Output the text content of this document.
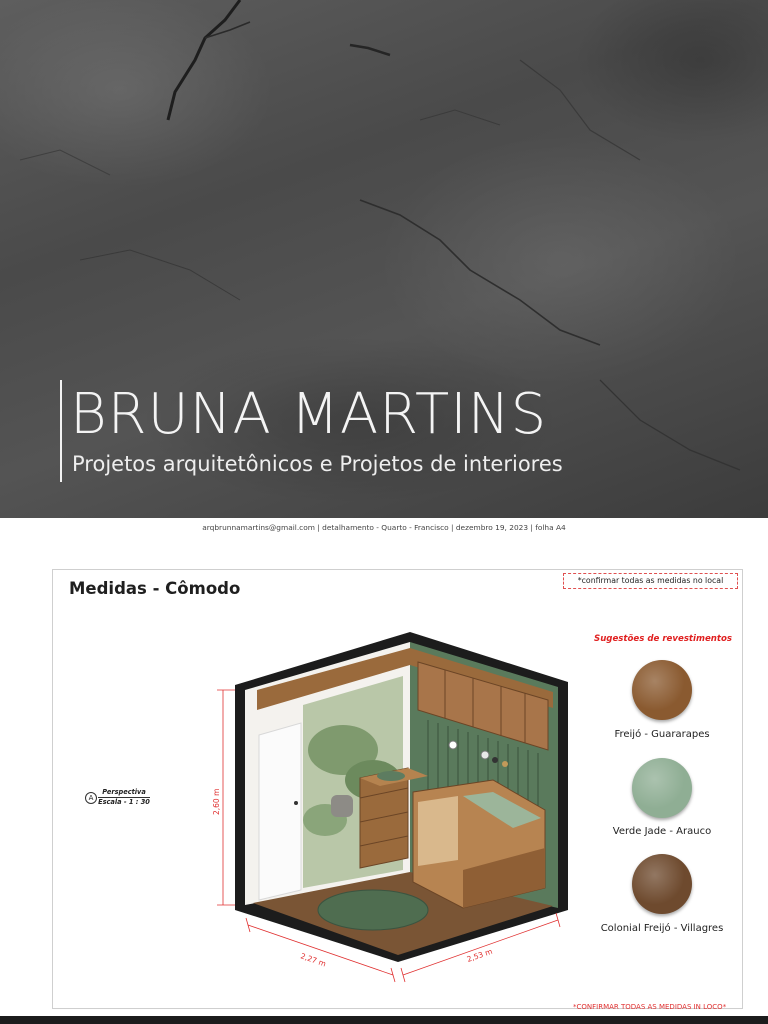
BRUNA MARTINS
Projetos arquitetônicos e Projetos de interiores
arqbrunnamartins@gmail.com | detalhamento - Quarto - Francisco | dezembro 19, 2023 | folha A4
Medidas - Cômodo	*confirmar todas as medidas no local
A
Perspectiva
Escala - 1 : 30	2,60 m
2,27 m	2,53 m
Sugestões de revestimentos
Freijó - Guararapes
Verde Jade - Arauco
Colonial Freijó - Villagres
*CONFIRMAR TODAS AS MEDIDAS IN LOCO*
